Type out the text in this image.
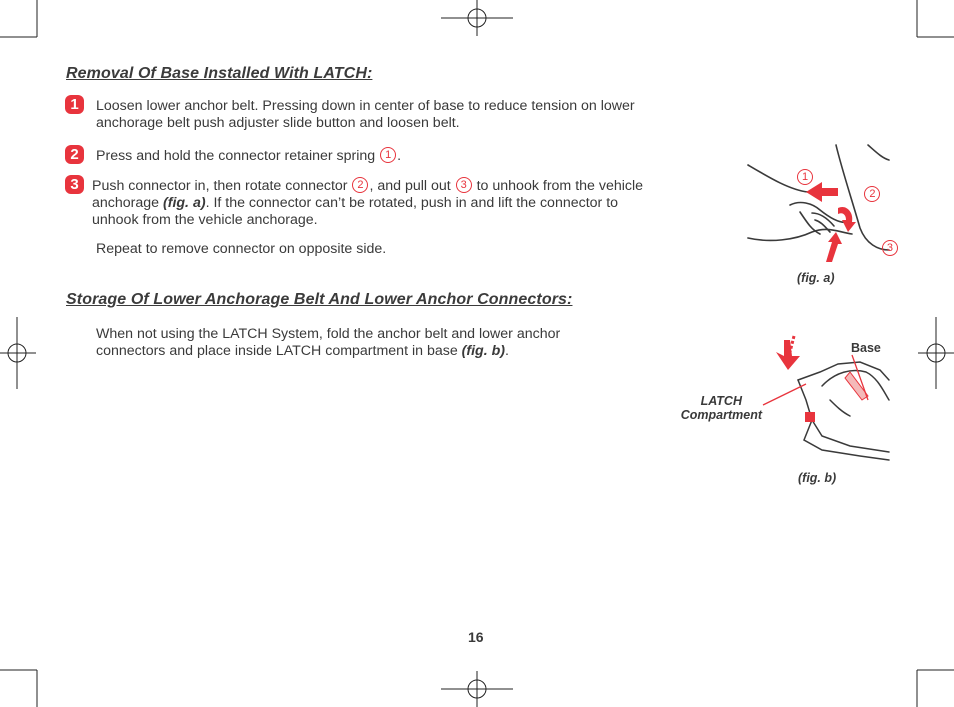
Removal Of Base Installed With LATCH:
1	Loosen lower anchor belt. Pressing down in center of base to reduce tension on lower
anchorage belt push adjuster slide button and loosen belt.
2	Press and hold the connector retainer spring 1 .
3 Push connector in, then rotate connector 2 , and pull out 3 to unhook from the vehicle
anchorage (fig. a). If the connector can’t be rotated, push in and lift the connector to
unhook from the vehicle anchorage.
Repeat to remove connector on opposite side.
Storage Of Lower Anchorage Belt And Lower Anchor Connectors:
When not using the LATCH System, fold the anchor belt and lower anchor
connectors and place inside LATCH compartment in base (fig. b).
1 2 3
(fig. a)
Base
LATCH
Compartment
(fig. b)
16
